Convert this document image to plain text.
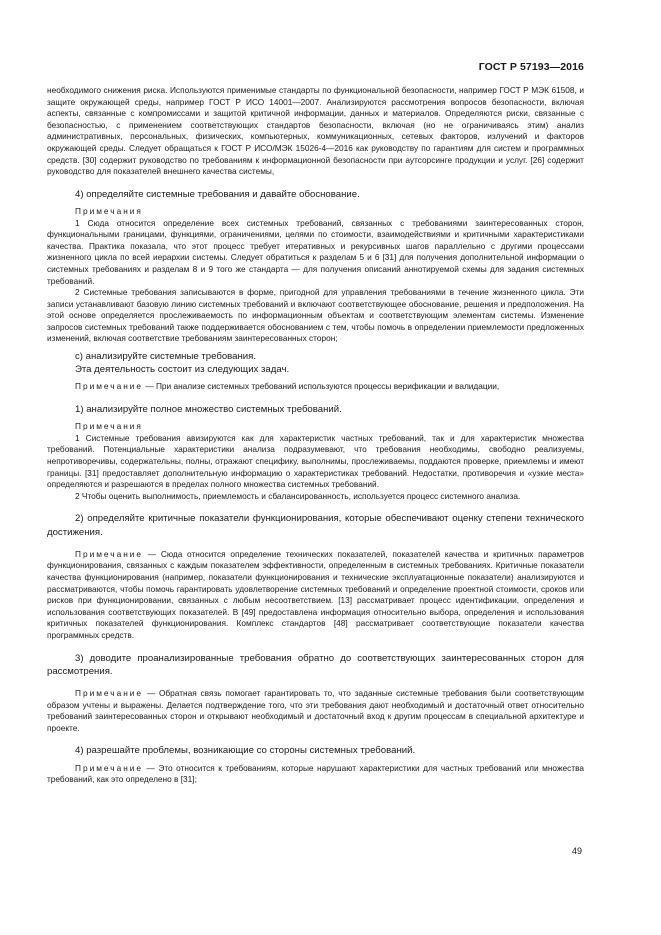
ГОСТ Р 57193—2016

необходимого снижения риска. Используются применимые стандарты по функциональной безопасности, например ГОСТ Р МЭК 61508, и защите окружающей среды, например ГОСТ Р ИСО 14001—2007. Анализируются рассмотрения вопросов безопасности, включая аспекты, связанные с компромиссами и защитой критичной информации, данных и материалов. Определяются риски, связанные с безопасностью, с применением соответствующих стандартов безопасности, включая (но не ограничиваясь этим) анализ административных, персональных, физических, компьютерных, коммуникационных, сетевых факторов, излучений и факторов окружающей среды. Следует обращаться к ГОСТ Р ИСО/МЭК 15026-4—2016 как руководству по гарантиям для систем и программных средств. [30] содержит руководство по требованиям к информационной безопасности при аутсорсинге продукции и услуг. [26] содержит руководство для показателей внешнего качества системы,

4) определяйте системные требования и давайте обоснование.

Примечания

1 Сюда относится определение всех системных требований, связанных с требованиями заинтересованных сторон, функциональными границами, функциями, ограничениями, целями по стоимости, взаимодействиями и критичными характеристиками качества. Практика показала, что этот процесс требует итеративных и рекурсивных шагов параллельно с другими процессами жизненного цикла по всей иерархии системы. Следует обратиться к разделам 5 и 6 [31] для получения дополнительной информации о системных требованиях и разделам 8 и 9 того же стандарта — для получения описаний аннотируемой схемы для задания системных требований.

2 Системные требования записываются в форме, пригодной для управления требованиями в течение жизненного цикла. Эти записи устанавливают базовую линию системных требований и включают соответствующее обоснование, решения и предположения. На этой основе определяется прослеживаемость по информационным объектам и соответствующим элементам системы. Изменение запросов системных требований также поддерживается обоснованием с тем, чтобы помочь в определении приемлемости предложенных изменений, включая соответствие требованиям заинтересованных сторон;

c) анализируйте системные требования.

Эта деятельность состоит из следующих задач.

Примечание — При анализе системных требований используются процессы верификации и валидации,

1) анализируйте полное множество системных требований.

Примечания

1 Системные требования авизируются как для характеристик частных требований, так и для характеристик множества требований. Потенциальные характеристики анализа подразумевают, что требования необходимы, свободно реализуемы, непротиворечивы, содержательны, полны, отражают специфику, выполнимы, прослеживаемы, поддаются проверке, приемлемы и имеют границы. [31] предоставляет дополнительную информацию о характеристиках требований. Недостатки, противоречия и «узкие места» определяются и разрешаются в пределах полного множества системных требований.

2 Чтобы оценить выполнимость, приемлемость и сбалансированность, используется процесс системного анализа.

2) определяйте критичные показатели функционирования, которые обеспечивают оценку степени технического достижения.

Примечание — Сюда относится определение технических показателей, показателей качества и критичных параметров функционирования, связанных с каждым показателем эффективности, определенным в системных требованиях. Критичные показатели качества функционирования (например, показатели функционирования и технические эксплуатационные показатели) анализируются и рассматриваются, чтобы помочь гарантировать удовлетворение системных требований и определение проектной стоимости, сроков или рисков при функционировании, связанных с любым несоответствием. [13] рассматривает процесс идентификации, определения и использования соответствующих показателей. В [49] предоставлена информация относительно выбора, определения и использования критичных показателей функционирования. Комплекс стандартов [48] рассматривает соответствующие показатели качества программных средств.

3) доводите проанализированные требования обратно до соответствующих заинтересованных сторон для рассмотрения.

Примечание — Обратная связь помогает гарантировать то, что заданные системные требования были соответствующим образом учтены и выражены. Делается подтверждение того, что эти требования дают необходимый и достаточный ответ относительно требований заинтересованных сторон и открывают необходимый и достаточный вход к другим процессам в специальной архитектуре и проекте.

4) разрешайте проблемы, возникающие со стороны системных требований.

Примечание — Это относится к требованиям, которые нарушают характеристики для частных требований или множества требований, как это определено в [31];

49
